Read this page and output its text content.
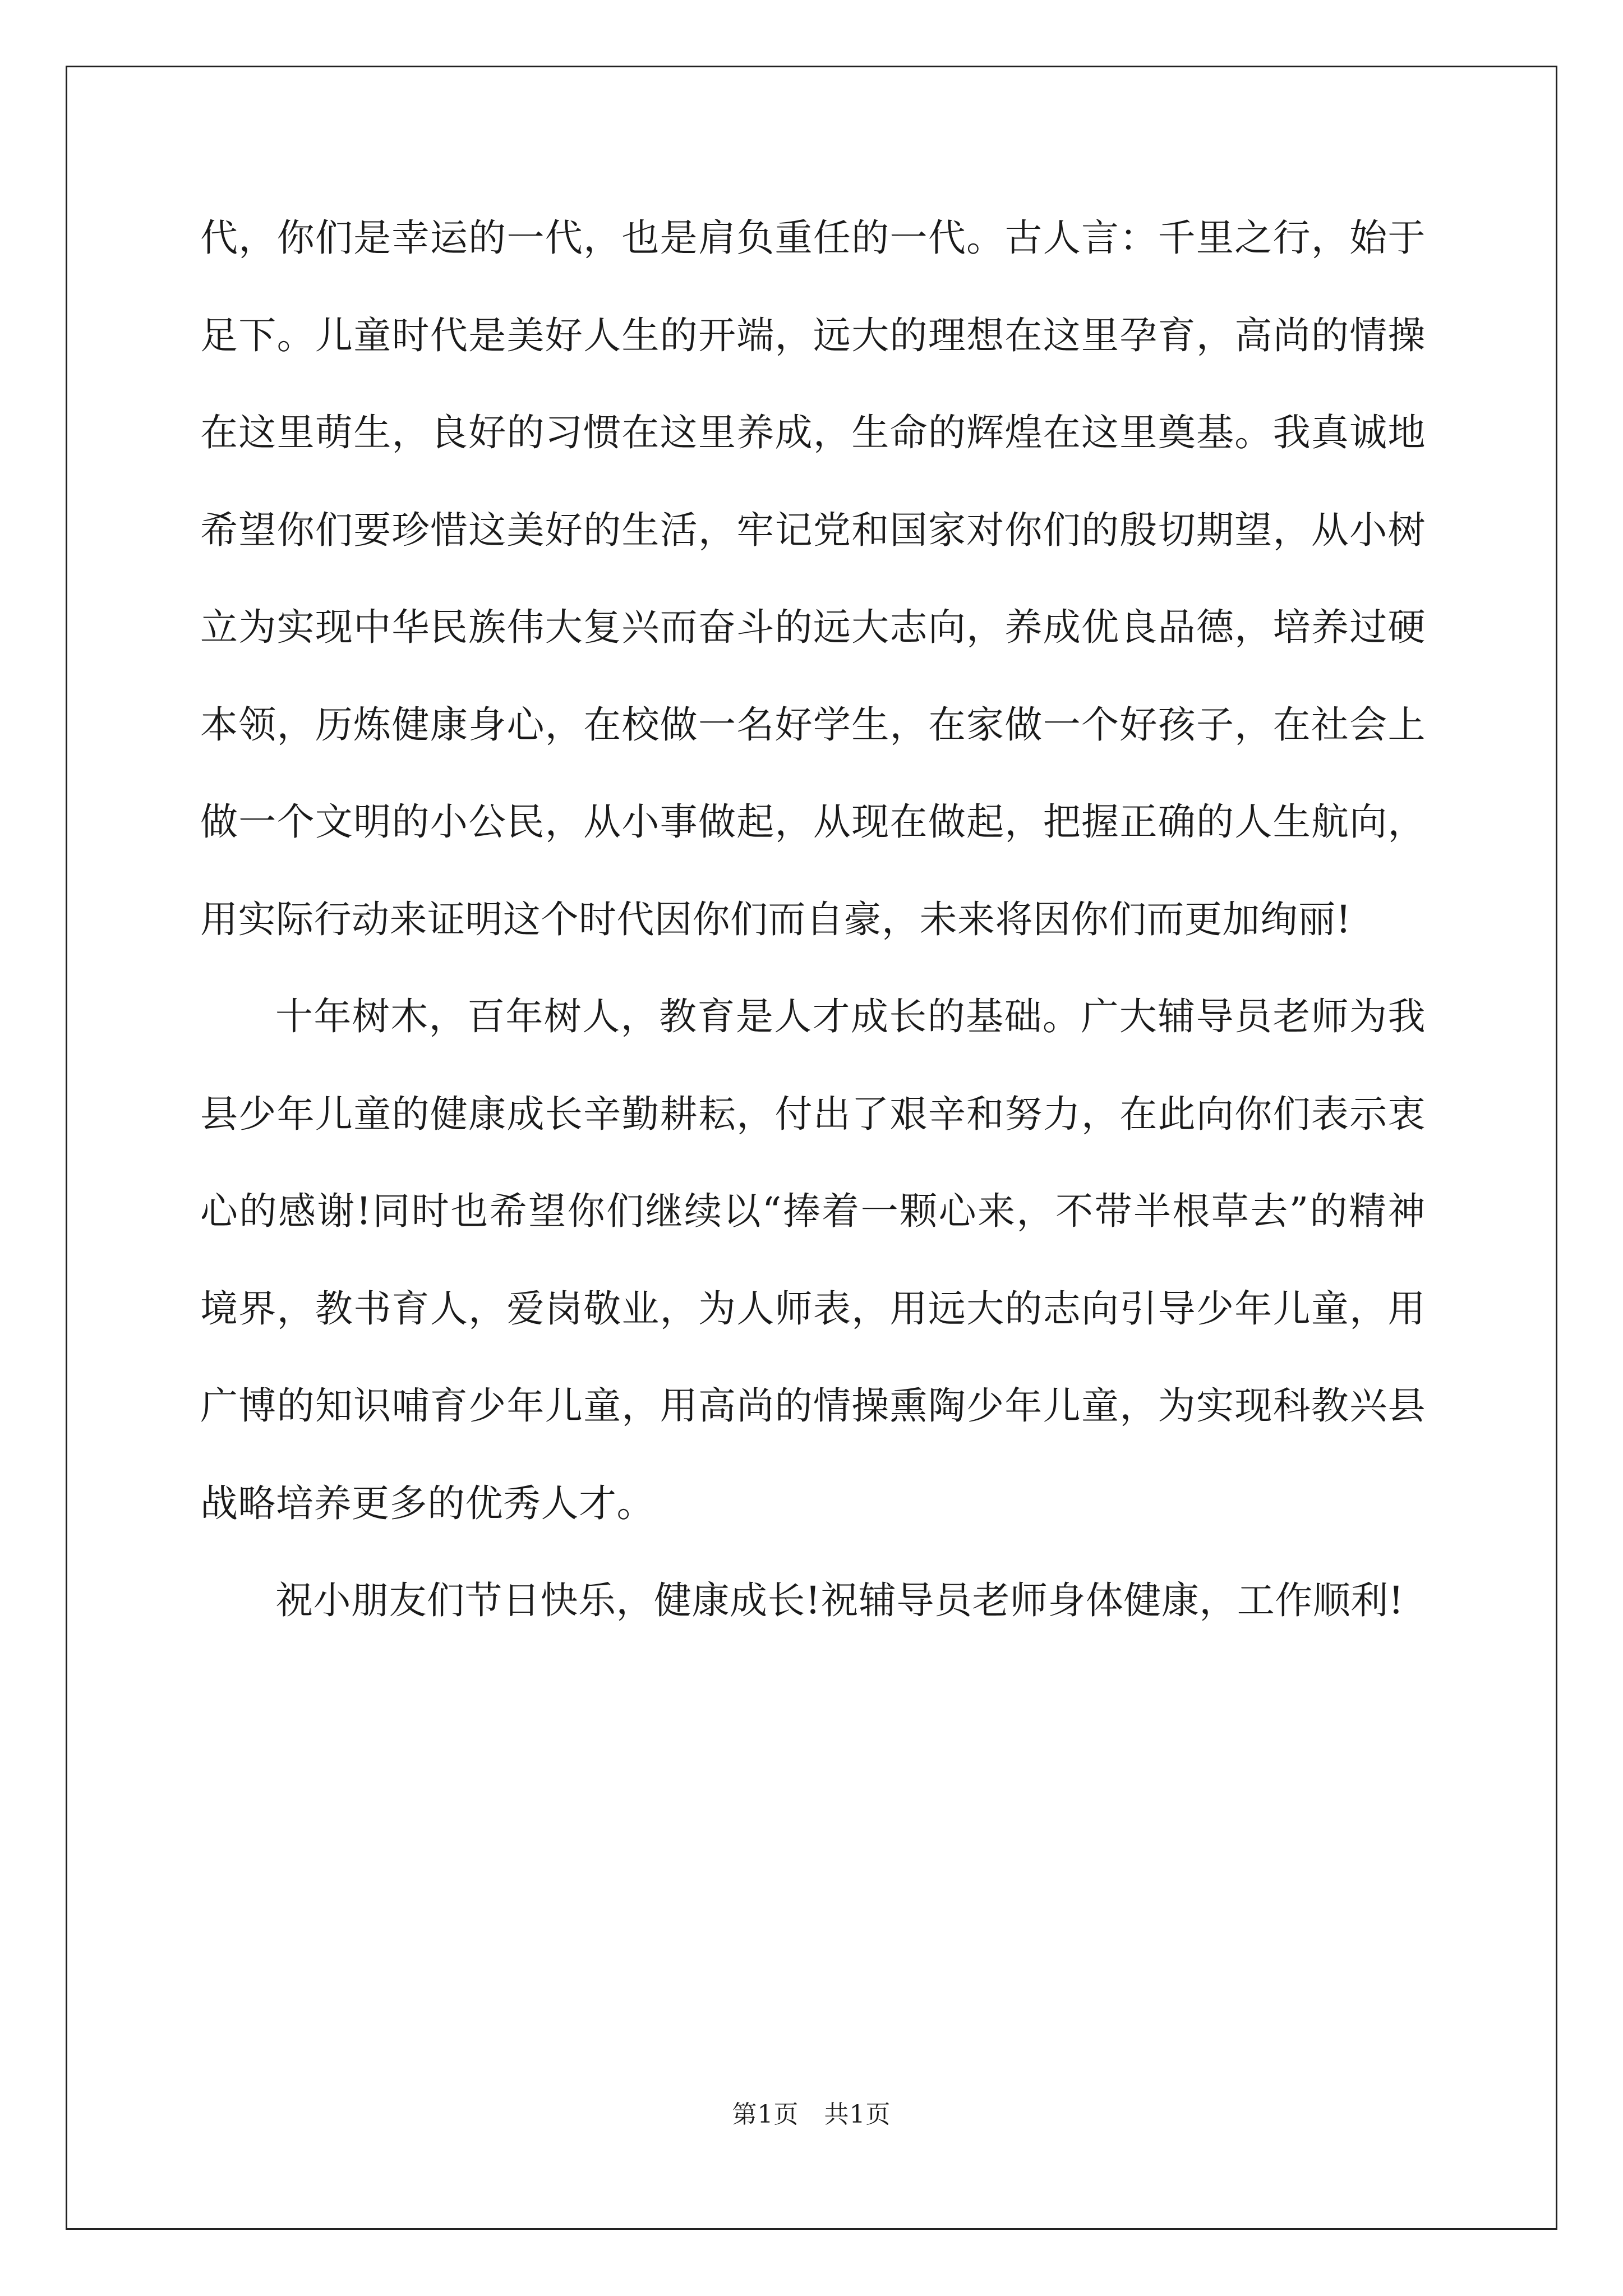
代，你们是幸运的一代，也是肩负重任的一代。古人言：千里之行，始于足下。儿童时代是美好人生的开端，远大的理想在这里孕育，高尚的情操在这里萌生，良好的习惯在这里养成，生命的辉煌在这里奠基。我真诚地希望你们要珍惜这美好的生活，牢记党和国家对你们的殷切期望，从小树立为实现中华民族伟大复兴而奋斗的远大志向，养成优良品德，培养过硬本领，历炼健康身心，在校做一名好学生，在家做一个好孩子，在社会上做一个文明的小公民，从小事做起，从现在做起，把握正确的人生航向，用实际行动来证明这个时代因你们而自豪，未来将因你们而更加绚丽!

十年树木，百年树人，教育是人才成长的基础。广大辅导员老师为我县少年儿童的健康成长辛勤耕耘，付出了艰辛和努力，在此向你们表示衷心的感谢!同时也希望你们继续以“捧着一颗心来，不带半根草去”的精神境界，教书育人，爱岗敬业，为人师表，用远大的志向引导少年儿童，用广博的知识哺育少年儿童，用高尚的情操熏陶少年儿童，为实现科教兴县战略培养更多的优秀人才。

祝小朋友们节日快乐，健康成长!祝辅导员老师身体健康，工作顺利!

第1页　共1页
